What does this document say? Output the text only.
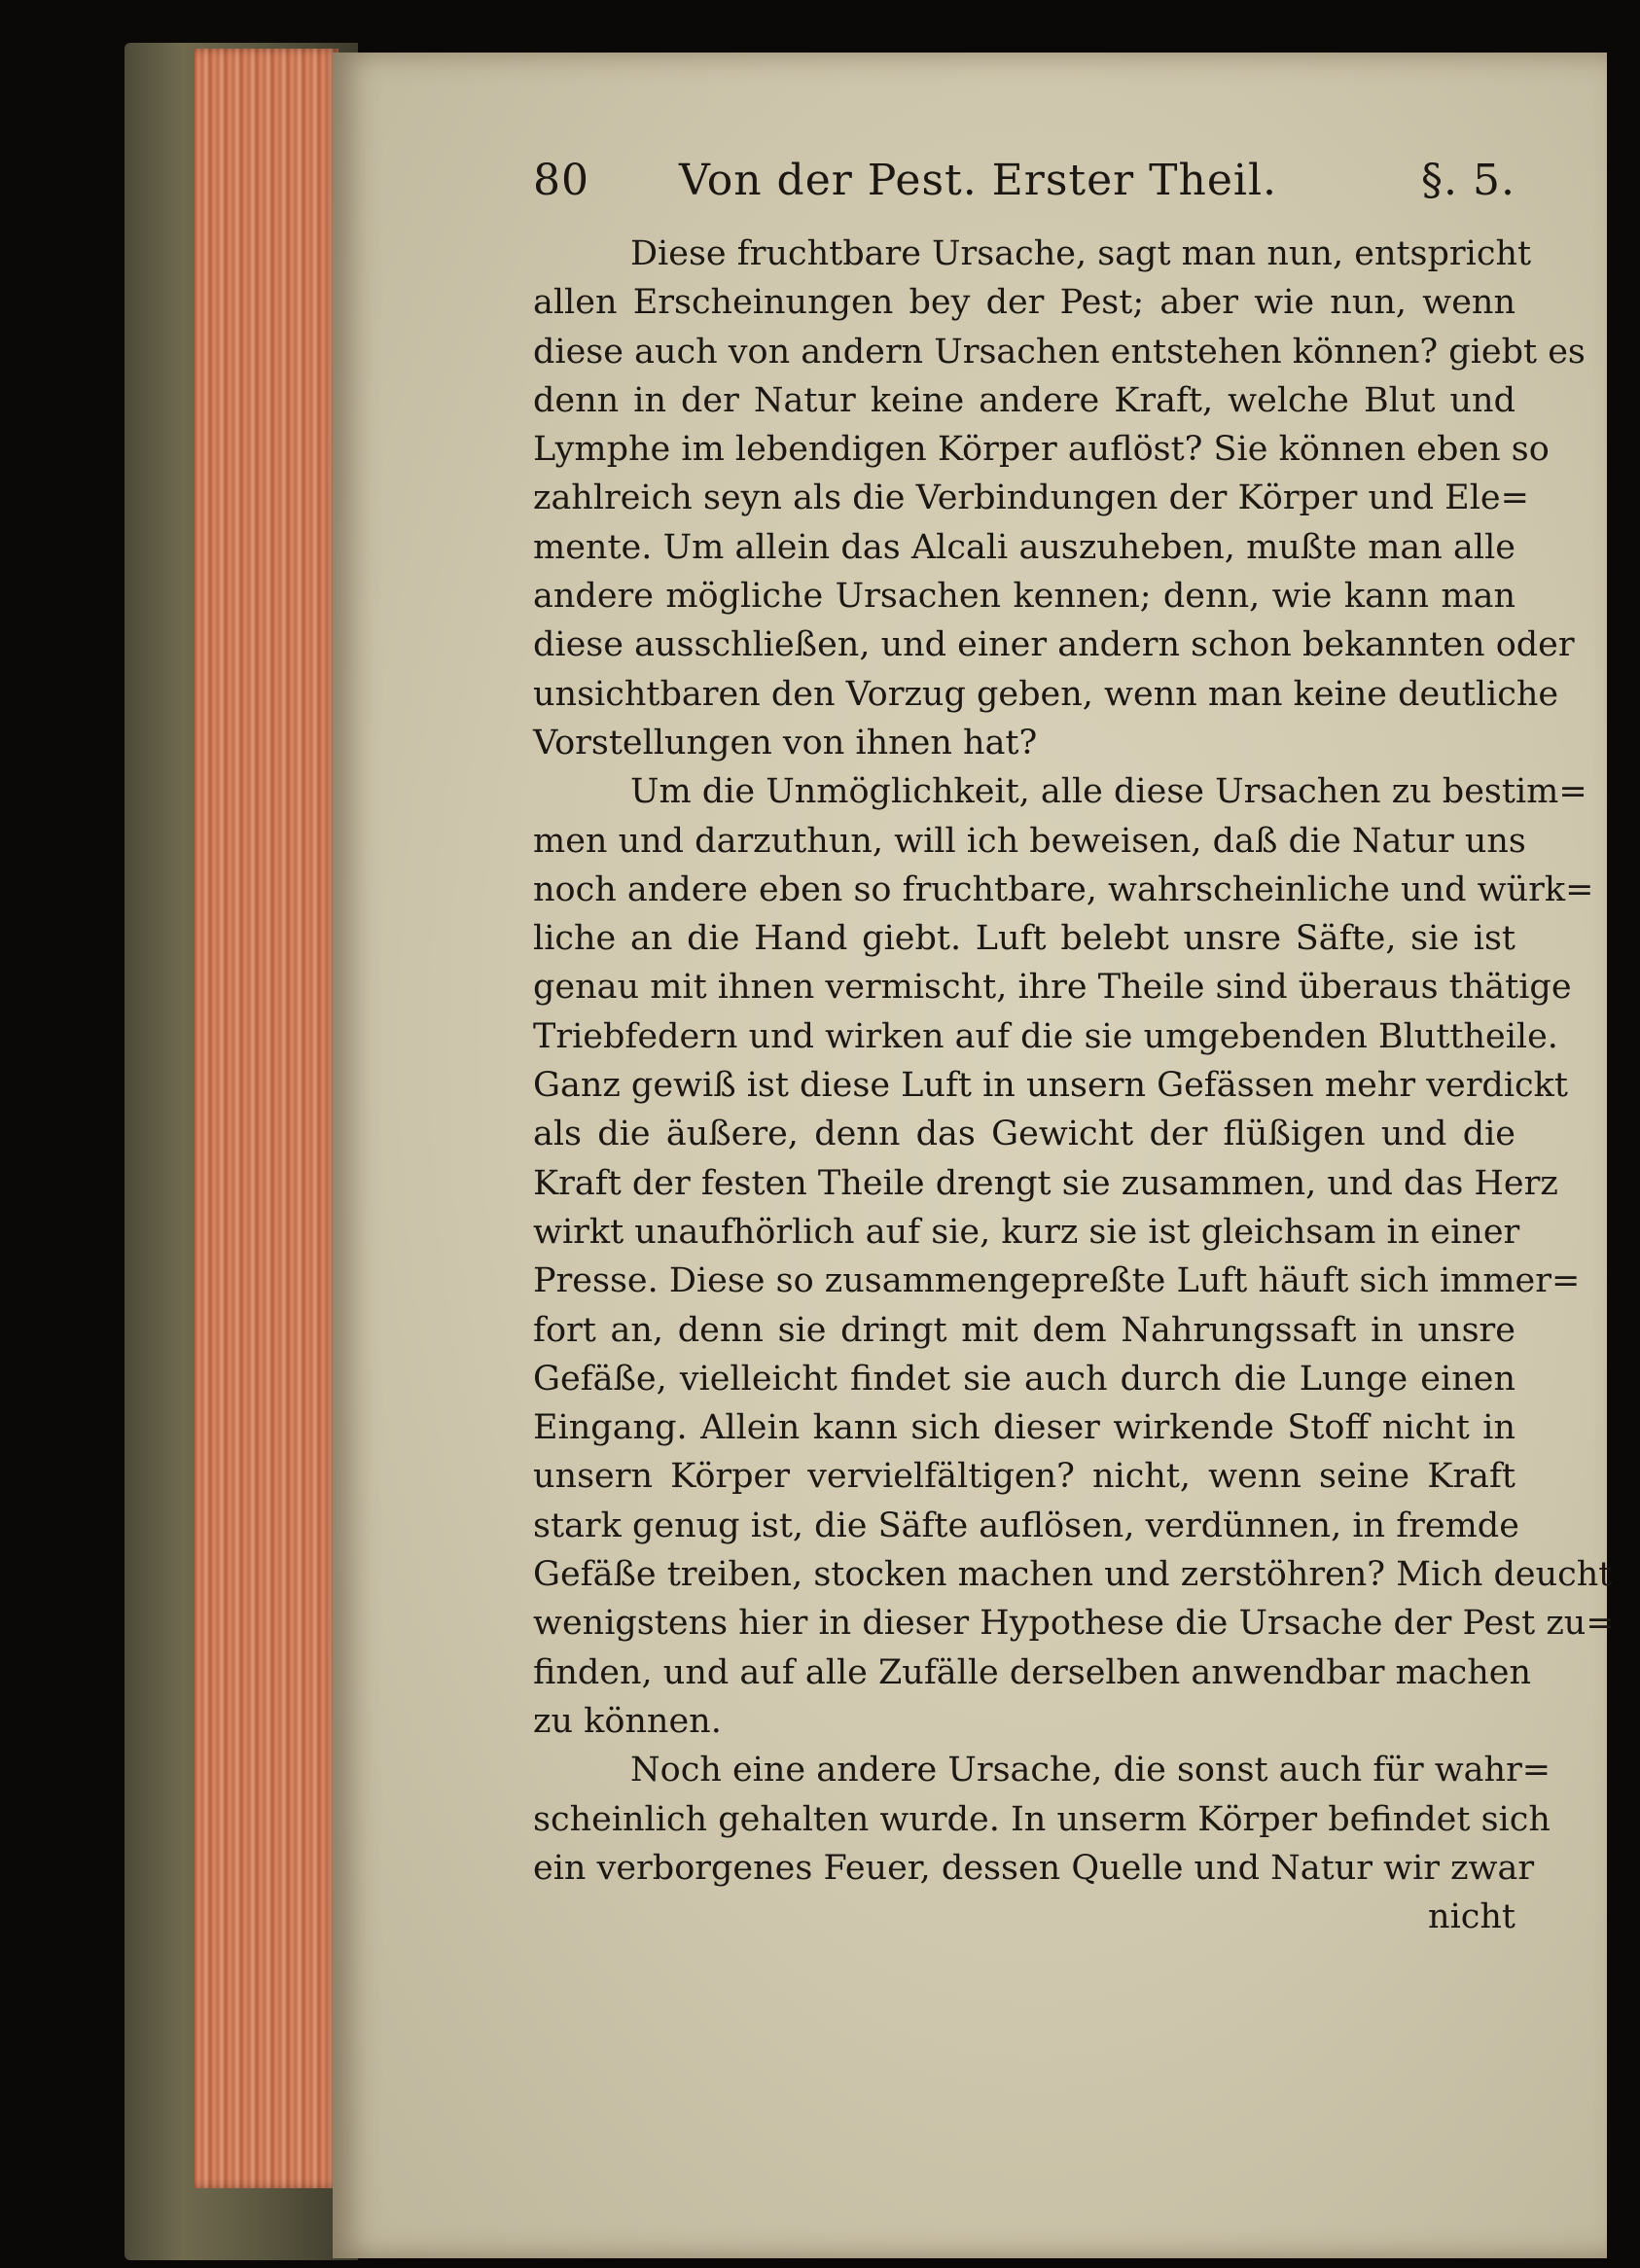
80	Von der Pest. Erster Theil.	§. 5.
Diese fruchtbare Ursache, sagt man nun, entspricht
allen Erscheinungen bey der Pest; aber wie nun, wenn
diese auch von andern Ursachen entstehen können? giebt es
denn in der Natur keine andere Kraft, welche Blut und
Lymphe im lebendigen Körper auflöst? Sie können eben so
zahlreich seyn als die Verbindungen der Körper und Ele=
mente. Um allein das Alcali auszuheben, mußte man alle
andere mögliche Ursachen kennen; denn, wie kann man
diese ausschließen, und einer andern schon bekannten oder
unsichtbaren den Vorzug geben, wenn man keine deutliche
Vorstellungen von ihnen hat?
Um die Unmöglichkeit, alle diese Ursachen zu bestim=
men und darzuthun, will ich beweisen, daß die Natur uns
noch andere eben so fruchtbare, wahrscheinliche und würk=
liche an die Hand giebt. Luft belebt unsre Säfte, sie ist
genau mit ihnen vermischt, ihre Theile sind überaus thätige
Triebfedern und wirken auf die sie umgebenden Bluttheile.
Ganz gewiß ist diese Luft in unsern Gefässen mehr verdickt
als die äußere, denn das Gewicht der flüßigen und die
Kraft der festen Theile drengt sie zusammen, und das Herz
wirkt unaufhörlich auf sie, kurz sie ist gleichsam in einer
Presse. Diese so zusammengepreßte Luft häuft sich immer=
fort an, denn sie dringt mit dem Nahrungssaft in unsre
Gefäße, vielleicht findet sie auch durch die Lunge einen
Eingang. Allein kann sich dieser wirkende Stoff nicht in
unsern Körper vervielfältigen? nicht, wenn seine Kraft
stark genug ist, die Säfte auflösen, verdünnen, in fremde
Gefäße treiben, stocken machen und zerstöhren? Mich deucht
wenigstens hier in dieser Hypothese die Ursache der Pest zu=
finden, und auf alle Zufälle derselben anwendbar machen
zu können.
Noch eine andere Ursache, die sonst auch für wahr=
scheinlich gehalten wurde. In unserm Körper befindet sich
ein verborgenes Feuer, dessen Quelle und Natur wir zwar
nicht
